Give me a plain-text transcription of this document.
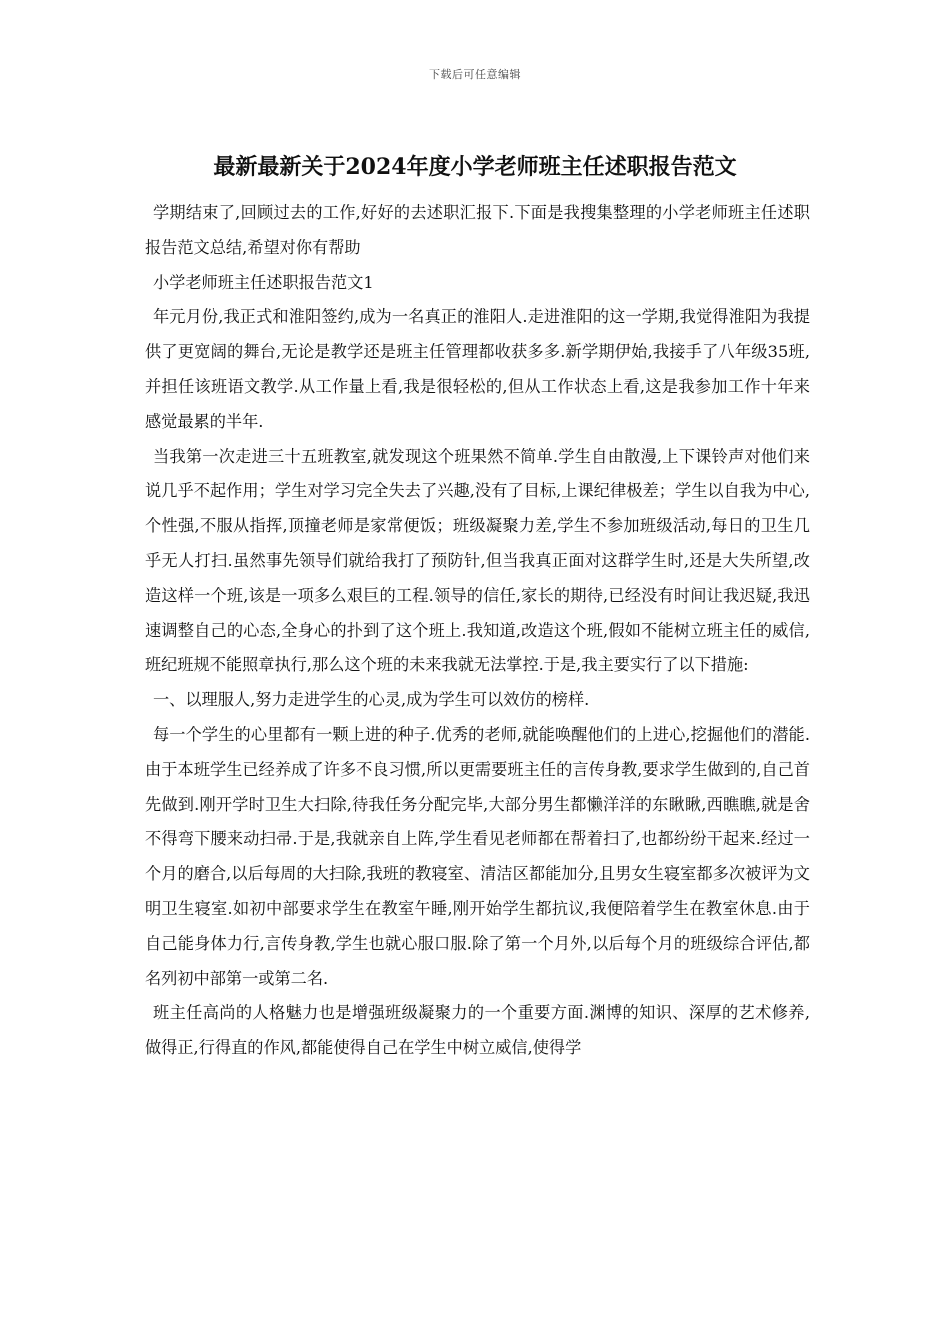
下载后可任意编辑
最新最新关于2024年度小学老师班主任述职报告范文

学期结束了,回顾过去的工作,好好的去述职汇报下.下面是我搜集整理的小学老师班主任述职报告范文总结,希望对你有帮助

小学老师班主任述职报告范文1

年元月份,我正式和淮阳签约,成为一名真正的淮阳人.走进淮阳的这一学期,我觉得淮阳为我提供了更宽阔的舞台,无论是教学还是班主任管理都收获多多.新学期伊始,我接手了八年级35班,并担任该班语文教学.从工作量上看,我是很轻松的,但从工作状态上看,这是我参加工作十年来感觉最累的半年.

当我第一次走进三十五班教室,就发现这个班果然不简单.学生自由散漫,上下课铃声对他们来说几乎不起作用；学生对学习完全失去了兴趣,没有了目标,上课纪律极差；学生以自我为中心,个性强,不服从指挥,顶撞老师是家常便饭；班级凝聚力差,学生不参加班级活动,每日的卫生几乎无人打扫.虽然事先领导们就给我打了预防针,但当我真正面对这群学生时,还是大失所望,改造这样一个班,该是一项多么艰巨的工程.领导的信任,家长的期待,已经没有时间让我迟疑,我迅速调整自己的心态,全身心的扑到了这个班上.我知道,改造这个班,假如不能树立班主任的威信,班纪班规不能照章执行,那么这个班的未来我就无法掌控.于是,我主要实行了以下措施:

一、以理服人,努力走进学生的心灵,成为学生可以效仿的榜样.

每一个学生的心里都有一颗上进的种子.优秀的老师,就能唤醒他们的上进心,挖掘他们的潜能.由于本班学生已经养成了许多不良习惯,所以更需要班主任的言传身教,要求学生做到的,自己首先做到.刚开学时卫生大扫除,待我任务分配完毕,大部分男生都懒洋洋的东瞅瞅,西瞧瞧,就是舍不得弯下腰来动扫帚.于是,我就亲自上阵,学生看见老师都在帮着扫了,也都纷纷干起来.经过一个月的磨合,以后每周的大扫除,我班的教寝室、清洁区都能加分,且男女生寝室都多次被评为文明卫生寝室.如初中部要求学生在教室午睡,刚开始学生都抗议,我便陪着学生在教室休息.由于自己能身体力行,言传身教,学生也就心服口服.除了第一个月外,以后每个月的班级综合评估,都名列初中部第一或第二名.

班主任高尚的人格魅力也是增强班级凝聚力的一个重要方面.渊博的知识、深厚的艺术修养,做得正,行得直的作风,都能使得自己在学生中树立威信,使得学
